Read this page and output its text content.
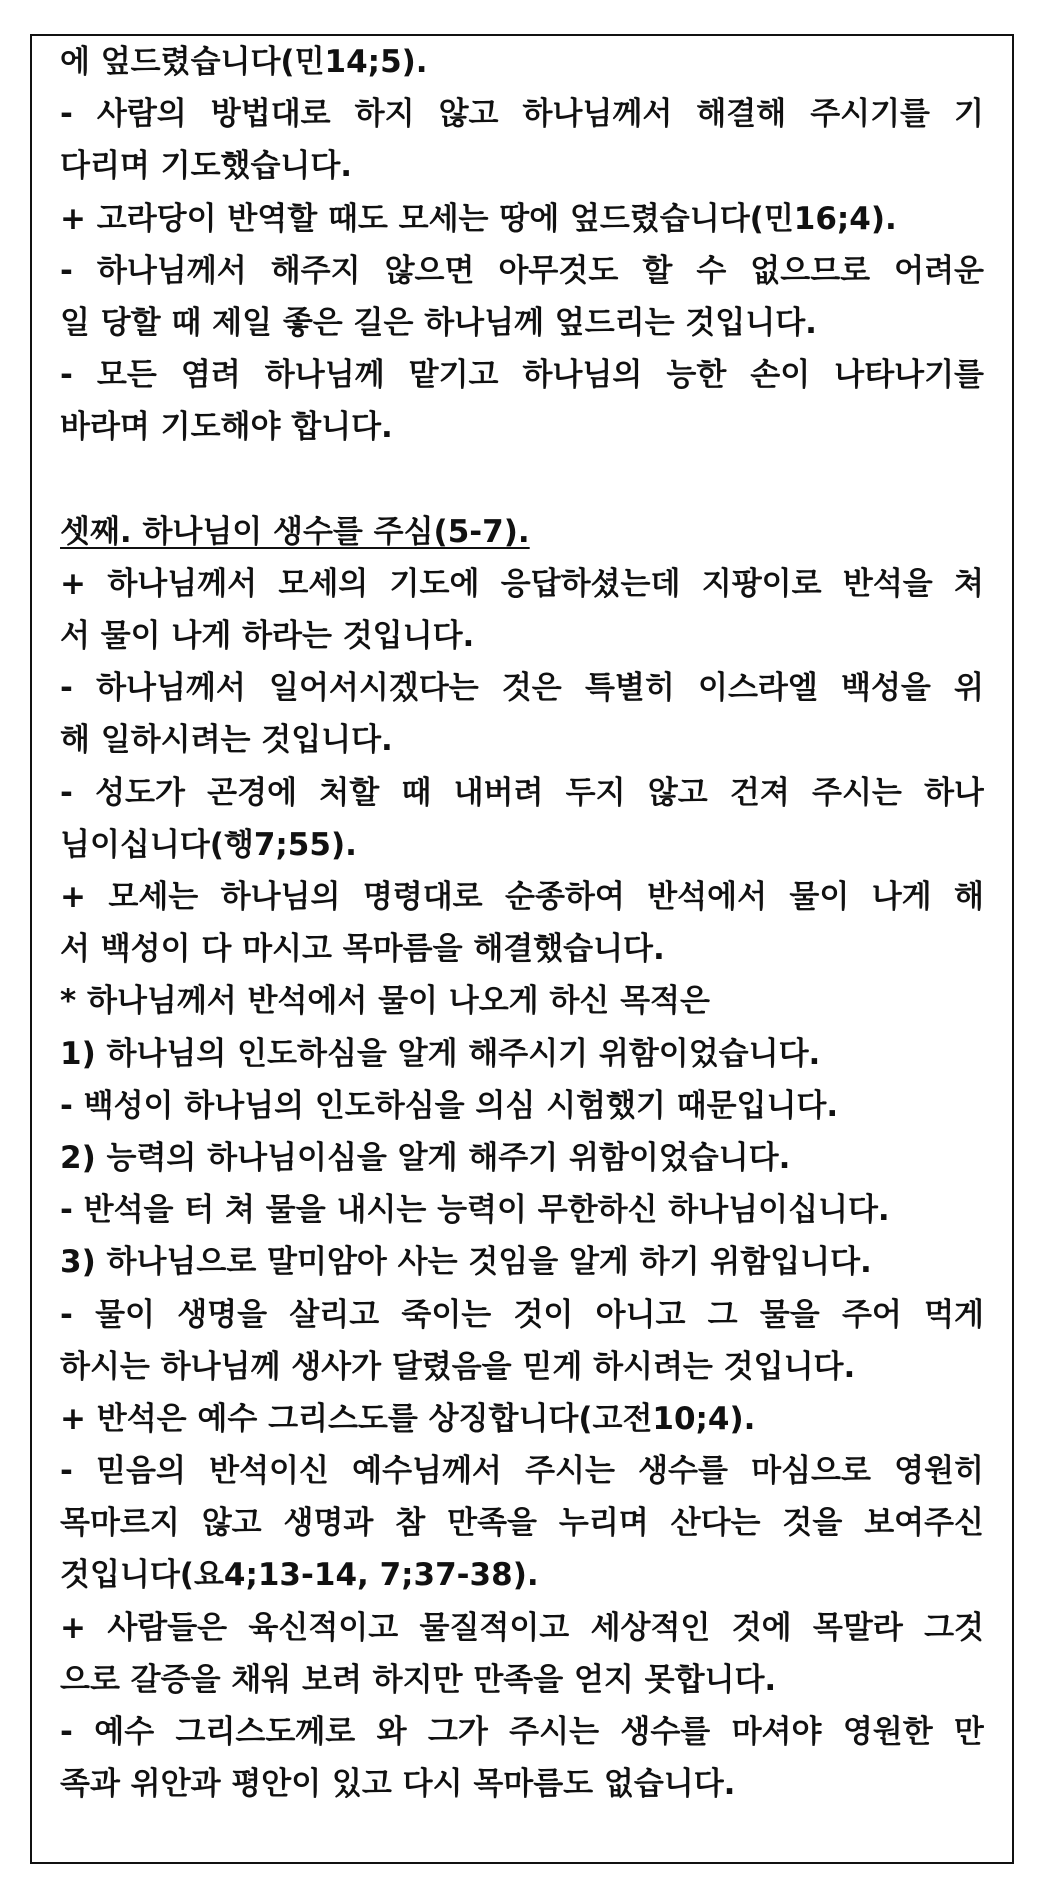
에 엎드렸습니다(민14;5).
- 사람의 방법대로 하지 않고 하나님께서 해결해 주시기를 기
다리며 기도했습니다.
+ 고라당이 반역할 때도 모세는 땅에 엎드렸습니다(민16;4).
- 하나님께서 해주지 않으면 아무것도 할 수 없으므로 어려운
일 당할 때 제일 좋은 길은 하나님께 엎드리는 것입니다.
- 모든 염려 하나님께 맡기고 하나님의 능한 손이 나타나기를
바라며 기도해야 합니다.
셋째. 하나님이 생수를 주심(5-7).
+ 하나님께서 모세의 기도에 응답하셨는데 지팡이로 반석을 쳐
서 물이 나게 하라는 것입니다.
- 하나님께서 일어서시겠다는 것은 특별히 이스라엘 백성을 위
해 일하시려는 것입니다.
- 성도가 곤경에 처할 때 내버려 두지 않고 건져 주시는 하나
님이십니다(행7;55).
+ 모세는 하나님의 명령대로 순종하여 반석에서 물이 나게 해
서 백성이 다 마시고 목마름을 해결했습니다.
* 하나님께서 반석에서 물이 나오게 하신 목적은
1) 하나님의 인도하심을 알게 해주시기 위함이었습니다.
- 백성이 하나님의 인도하심을 의심 시험했기 때문입니다.
2) 능력의 하나님이심을 알게 해주기 위함이었습니다.
- 반석을 터 쳐 물을 내시는 능력이 무한하신 하나님이십니다.
3) 하나님으로 말미암아 사는 것임을 알게 하기 위함입니다.
- 물이 생명을 살리고 죽이는 것이 아니고 그 물을 주어 먹게
하시는 하나님께 생사가 달렸음을 믿게 하시려는 것입니다.
+ 반석은 예수 그리스도를 상징합니다(고전10;4).
- 믿음의 반석이신 예수님께서 주시는 생수를 마심으로 영원히
목마르지 않고 생명과 참 만족을 누리며 산다는 것을 보여주신
것입니다(요4;13-14, 7;37-38).
+ 사람들은 육신적이고 물질적이고 세상적인 것에 목말라 그것
으로 갈증을 채워 보려 하지만 만족을 얻지 못합니다.
- 예수 그리스도께로 와 그가 주시는 생수를 마셔야 영원한 만
족과 위안과 평안이 있고 다시 목마름도 없습니다.
